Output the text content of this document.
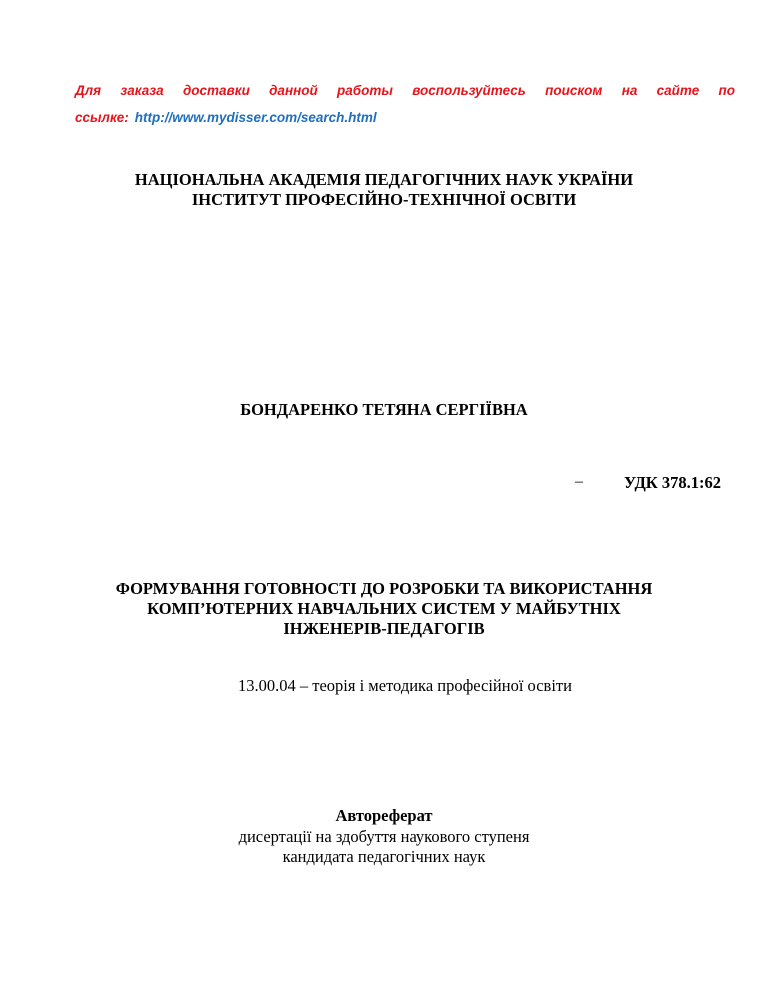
Для заказа доставки данной работы воспользуйтесь поиском на сайте по
ссылке: http://www.mydisser.com/search.html
НАЦІОНАЛЬНА АКАДЕМІЯ ПЕДАГОГІЧНИХ НАУК УКРАЇНИ
ІНСТИТУТ ПРОФЕСІЙНО-ТЕХНІЧНОЇ ОСВІТИ
БОНДАРЕНКО ТЕТЯНА СЕРГІЇВНА
– УДК 378.1:62
ФОРМУВАННЯ ГОТОВНОСТІ ДО РОЗРОБКИ ТА ВИКОРИСТАННЯ
КОМП’ЮТЕРНИХ НАВЧАЛЬНИХ СИСТЕМ У МАЙБУТНІХ
ІНЖЕНЕРІВ-ПЕДАГОГІВ
13.00.04 – теорія і методика професійної освіти
Автореферат
дисертації на здобуття наукового ступеня
кандидата педагогічних наук
